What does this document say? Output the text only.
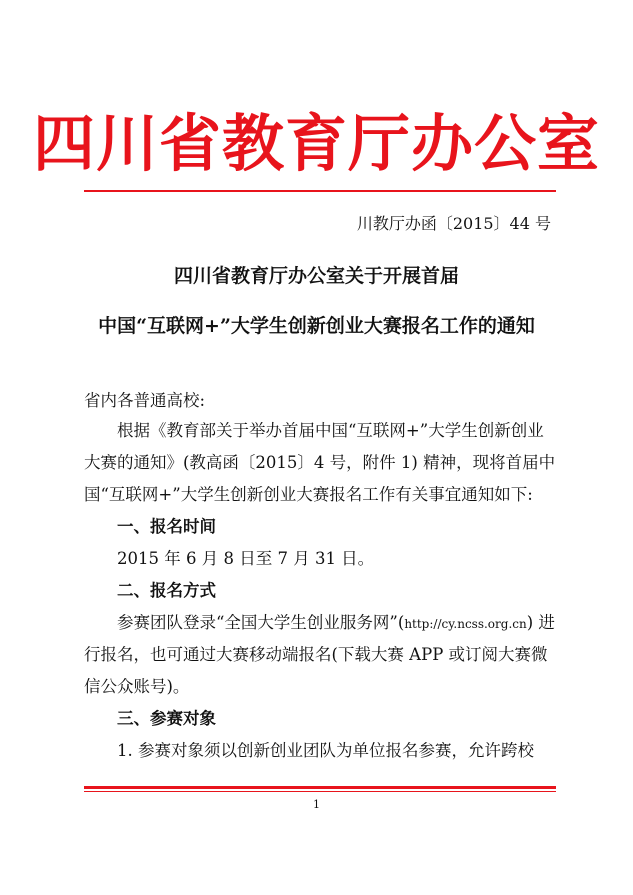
四川省教育厅办公室
川教厅办函〔2015〕44 号
四川省教育厅办公室关于开展首届
中国“互联网+”大学生创新创业大赛报名工作的通知
省内各普通高校:
根据《教育部关于举办首届中国“互联网+”大学生创新创业
大赛的通知》(教高函〔2015〕4 号，附件 1) 精神，现将首届中
国“互联网+”大学生创新创业大赛报名工作有关事宜通知如下:
一、报名时间
2015 年 6 月 8 日至 7 月 31 日。
二、报名方式
参赛团队登录“全国大学生创业服务网”(http://cy.ncss.org.cn) 进
行报名，也可通过大赛移动端报名(下载大赛 APP 或订阅大赛微
信公众账号)。
三、参赛对象
1. 参赛对象须以创新创业团队为单位报名参赛，允许跨校
1
